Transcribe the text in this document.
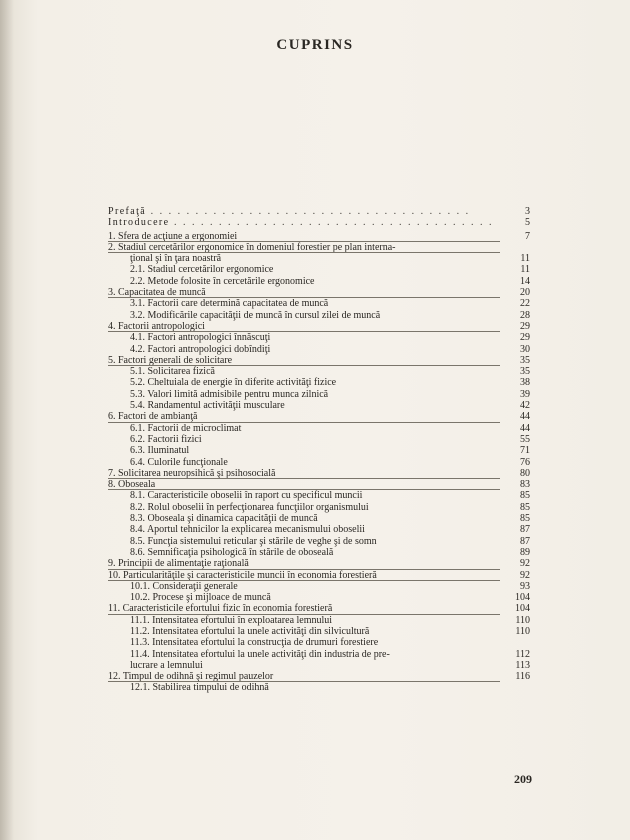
CUPRINS
Prefaţă . . . . . . . . . . . . . . . . . . . . . . . . . . . . . . . . . . . .	3
Introducere . . . . . . . . . . . . . . . . . . . . . . . . . . . . . . . . . . . .	5
1. Sfera de acţiune a ergonomiei	7
2. Stadiul cercetărilor ergonomice în domeniul forestier pe plan interna-
ţional şi în ţara noastră	11
2.1. Stadiul cercetărilor ergonomice	11
2.2. Metode folosite în cercetările ergonomice	14
3. Capacitatea de muncă	20
3.1. Factorii care determină capacitatea de muncă	22
3.2. Modificările capacităţii de muncă în cursul zilei de muncă	28
4. Factorii antropologici	29
4.1. Factori antropologici înnăscuţi	29
4.2. Factori antropologici dobîndiţi	30
5. Factori generali de solicitare	35
5.1. Solicitarea fizică	35
5.2. Cheltuiala de energie în diferite activităţi fizice	38
5.3. Valori limită admisibile pentru munca zilnică	39
5.4. Randamentul activităţii musculare	42
6. Factori de ambianţă	44
6.1. Factorii de microclimat	44
6.2. Factorii fizici	55
6.3. Iluminatul	71
6.4. Culorile funcţionale	76
7. Solicitarea neuropsihică şi psihosocială	80
8. Oboseala	83
8.1. Caracteristicile oboselii în raport cu specificul muncii	85
8.2. Rolul oboselii în perfecţionarea funcţiilor organismului	85
8.3. Oboseala şi dinamica capacităţii de muncă	85
8.4. Aportul tehnicilor la explicarea mecanismului oboselii	87
8.5. Funcţia sistemului reticular şi stările de veghe şi de somn	87
8.6. Semnificaţia psihologică în stările de oboseală	89
9. Principii de alimentaţie raţională	92
10. Particularităţile şi caracteristicile muncii în economia forestieră	92
10.1. Consideraţii generale	93
10.2. Procese şi mijloace de muncă	104
11. Caracteristicile efortului fizic în economia forestieră	104
11.1. Intensitatea efortului în exploatarea lemnului	110
11.2. Intensitatea efortului la unele activităţi din silvicultură	110
11.3. Intensitatea efortului la construcţia de drumuri forestiere
11.4. Intensitatea efortului la unele activităţi din industria de pre-	112
lucrare a lemnului	113
12. Timpul de odihnă şi regimul pauzelor	116
12.1. Stabilirea timpului de odihnă
209
